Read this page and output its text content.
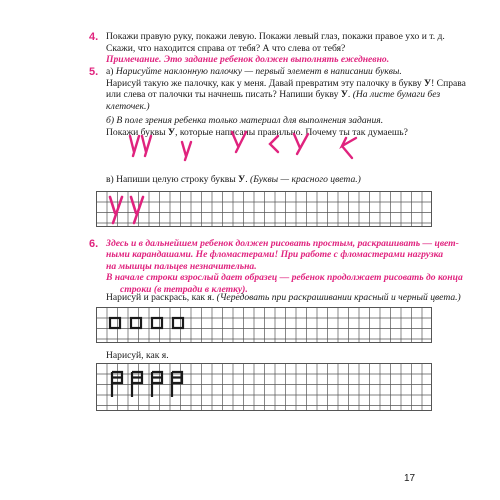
4. Покажи правую руку, покажи левую. Покажи левый глаз, покажи правое ухо и т. д.
Скажи, что находится справа от тебя? А что слева от тебя?
Примечание. Это задание ребенок должен выполнять ежедневно.
5. а) Нарисуйте наклонную палочку — первый элемент в написании буквы.
Нарисуй такую же палочку, как у меня. Давай превратим эту палочку в букву У! Справа
или слева от палочки ты начнешь писать? Напиши букву У. (На листе бумаги без клеточек.)
б) В поле зрения ребенка только материал для выполнения задания.
Покажи буквы У, которые написаны правильно. Почему ты так думаешь?
в) Напиши целую строку буквы У. (Буквы — красного цвета.)
6. Здесь и в дальнейшем ребенок должен рисовать простым, раскрашивать — цвет-
ными карандашами. Не фломастерами! При работе с фломастерами нагрузка
на мышцы пальцев незначительна.
В начале строки взрослый дает образец — ребенок продолжает рисовать до конца
строки (в тетради в клетку).
Нарисуй и раскрась, как я. (Чередовать при раскрашивании красный и черный цвета.)
Нарисуй, как я.
17
